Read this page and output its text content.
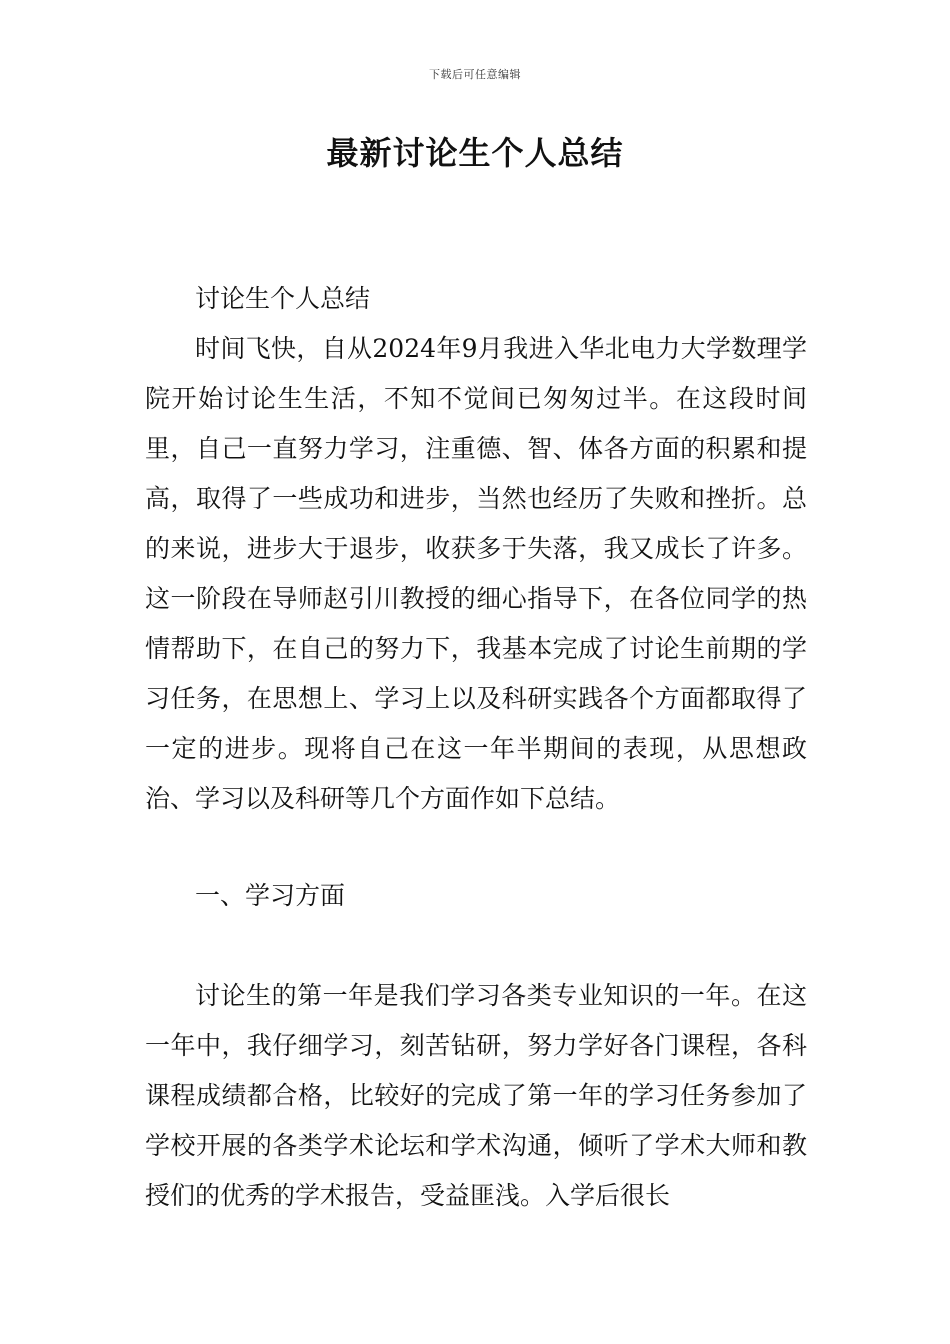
下载后可任意编辑
最新讨论生个人总结

讨论生个人总结

时间飞快，自从2024年9月我进入华北电力大学数理学院开始讨论生生活，不知不觉间已匆匆过半。在这段时间里，自己一直努力学习，注重德、智、体各方面的积累和提高，取得了一些成功和进步，当然也经历了失败和挫折。总的来说，进步大于退步，收获多于失落，我又成长了许多。这一阶段在导师赵引川教授的细心指导下，在各位同学的热情帮助下，在自己的努力下，我基本完成了讨论生前期的学习任务，在思想上、学习上以及科研实践各个方面都取得了一定的进步。现将自己在这一年半期间的表现，从思想政治、学习以及科研等几个方面作如下总结。

一、学习方面

讨论生的第一年是我们学习各类专业知识的一年。在这一年中，我仔细学习，刻苦钻研，努力学好各门课程，各科课程成绩都合格，比较好的完成了第一年的学习任务参加了学校开展的各类学术论坛和学术沟通，倾听了学术大师和教授们的优秀的学术报告，受益匪浅。入学后很长
